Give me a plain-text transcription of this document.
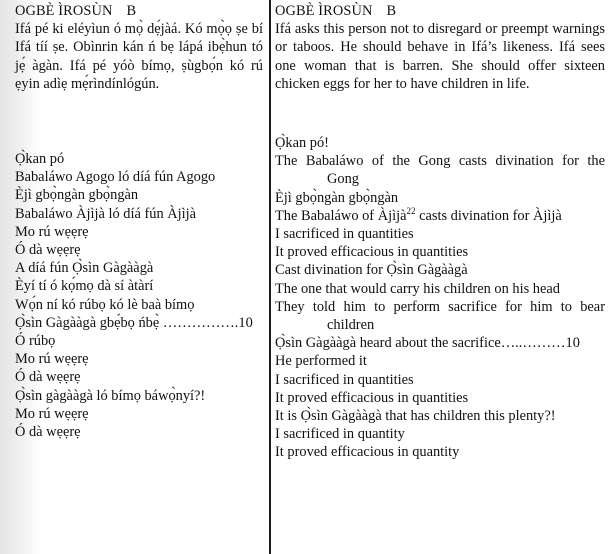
OGBÈ ÌROSÙN B
Ifá pé ki eléyìun ó mọ̀ dẹ́jàá. Kó mọ̀ọ ṣe bí Ifá tíí ṣe. Obìnrin kán ń bẹ lápá ibẹ̀hun tó jẹ́ àgàn. Ifá pé yóò bímọ, ṣùgbọ́n kó rú ẹyin adìẹ mẹ́rìndínlógún.
Ọ̀kan pó
Babaláwo Agogo ló díá fún Agogo
Èjì gbọ̀ngàn gbọ̀ngàn
Babaláwo Àjìjà ló díá fún Àjìjà
Mo rú wẹẹrẹ
Ó dà wẹẹrẹ
A díá fún Ọ̀sìn Gàgààgà
Èyí tí ó kọ́mọ dà sí àtàrí
Wọ́n ní kó rúbọ kó lè baà bímọ
Ọ̀sìn Gàgààgà gbẹ́bọ ńbẹ̀ …………….10
Ó rúbọ
Mo rú wẹẹrẹ
Ó dà wẹẹrẹ
Ọ̀sìn gàgààgà ló bímọ báwọ̀nyí?!
Mo rú wẹẹrẹ
Ó dà wẹẹrẹ
OGBÈ ÌROSÙN B
Ifá asks this person not to disregard or preempt warnings or taboos. He should behave in Ifá’s likeness. Ifá sees one woman that is barren. She should offer sixteen chicken eggs for her to have children in life.
Ọ̀kan pó!
The Babaláwo of the Gong casts divination for the
Gong
Èjì gbọ̀ngàn gbọ̀ngàn
The Babaláwo of Àjìjà$^{22}$ casts divination for Àjìjà
I sacrificed in quantities
It proved efficacious in quantities
Cast divination for Ọ̀sìn Gàgààgà
The one that would carry his children on his head
They told him to perform sacrifice for him to bear
children
Ọ̀sìn Gàgààgà heard about the sacrifice…..………10
He performed it
I sacrificed in quantities
It proved efficacious in quantities
It is Ọ̀sìn Gàgààgà that has children this plenty?!
I sacrificed in quantity
It proved efficacious in quantity
